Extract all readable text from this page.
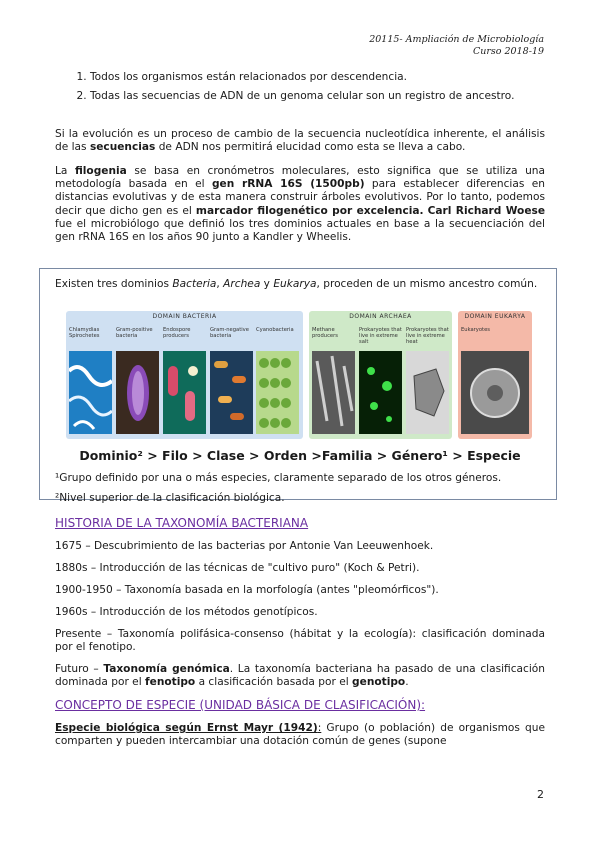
20115- Ampliación de Microbiología
Curso 2018-19
1. Todos los organismos están relacionados por descendencia.
2. Todas las secuencias de ADN de un genoma celular son un registro de ancestro.

Si la evolución es un proceso de cambio de la secuencia nucleotídica inherente, el análisis de las secuencias de ADN nos permitirá elucidad como esta se lleva a cabo.

La filogenia se basa en cronómetros moleculares, esto significa que se utiliza una metodología basada en el gen rRNA 16S (1500pb) para establecer diferencias en distancias evolutivas y de esta manera construir árboles evolutivos. Por lo tanto, podemos decir que dicho gen es el marcador filogenético por excelencia. Carl Richard Woese fue el microbiólogo que definió los tres dominios actuales en base a la secuenciación del gen rRNA 16S en los años 90 junto a Kandler y Wheelis.

Existen tres dominios Bacteria, Archea y Eukarya, proceden de un mismo ancestro común.

DOMAIN BACTERIA
Chlamydias Spirochetes
Gram-positive bacteria
Endospore producers
Gram-negative bacteria
Cyanobacteria
DOMAIN ARCHAEA
Methane producers
Prokaryotes that live in extreme salt
Prokaryotes that live in extreme heat
DOMAIN EUKARYA
Eukaryotes
Dominio² > Filo > Clase > Orden >Familia > Género¹ > Especie

¹Grupo definido por una o más especies, claramente separado de los otros géneros.

²Nivel superior de la clasificación biológica.

HISTORIA DE LA TAXONOMÍA BACTERIANA

1675 – Descubrimiento de las bacterias por Antonie Van Leeuwenhoek.

1880s – Introducción de las técnicas de "cultivo puro" (Koch & Petri).

1900-1950 – Taxonomía basada en la morfología (antes "pleomórficos").

1960s – Introducción de los métodos genotípicos.

Presente – Taxonomía polifásica-consenso (hábitat y la ecología): clasificación dominada por el fenotipo.

Futuro – Taxonomía genómica. La taxonomía bacteriana ha pasado de una clasificación dominada por el fenotipo a clasificación basada por el genotipo.

CONCEPTO DE ESPECIE (UNIDAD BÁSICA DE CLASIFICACIÓN):

Especie biológica según Ernst Mayr (1942): Grupo (o población) de organismos que comparten y pueden intercambiar una dotación común de genes (supone

2
